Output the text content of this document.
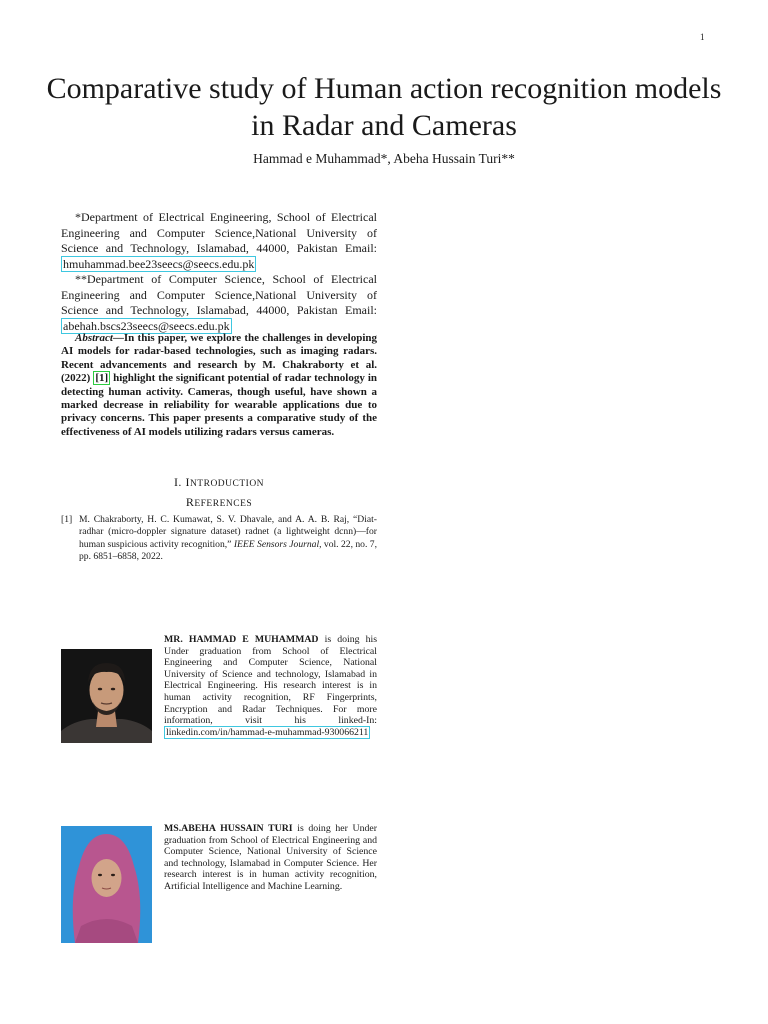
1
Comparative study of Human action recognition models in Radar and Cameras
Hammad e Muhammad*, Abeha Hussain Turi**
*Department of Electrical Engineering, School of Electrical Engineering and Computer Science,National University of Science and Technology, Islamabad, 44000, Pakistan Email: hmuhammad.bee23seecs@seecs.edu.pk
**Department of Computer Science, School of Electrical Engineering and Computer Science,National University of Science and Technology, Islamabad, 44000, Pakistan Email: abehah.bscs23seecs@seecs.edu.pk
Abstract—In this paper, we explore the challenges in developing AI models for radar-based technologies, such as imaging radars. Recent advancements and research by M. Chakraborty et al. (2022) [1] highlight the significant potential of radar technology in detecting human activity. Cameras, though useful, have shown a marked decrease in reliability for wearable applications due to privacy concerns. This paper presents a comparative study of the effectiveness of AI models utilizing radars versus cameras.
I. INTRODUCTION
REFERENCES
[1] M. Chakraborty, H. C. Kumawat, S. V. Dhavale, and A. A. B. Raj, “Diat- radhar (micro-doppler signature dataset) radnet (a lightweight dcnn)—for human suspicious activity recognition,” IEEE Sensors Journal, vol. 22, no. 7, pp. 6851–6858, 2022.
MR. HAMMAD E MUHAMMAD is doing his Under graduation from School of Electrical Engineering and Computer Science, National University of Science and technology, Islamabad in Electrical Engineering. His research interest is in human activity recognition, RF Fingerprints, Encryption and Radar Techniques. For more information, visit his linked-In: linkedin.com/in/hammad-e-muhammad-930066211
MS.ABEHA HUSSAIN TURI is doing her Under graduation from School of Electrical Engineering and Computer Science, National University of Science and technology, Islamabad in Computer Science. Her research interest is in human activity recognition, Artificial Intelligence and Machine Learning.
